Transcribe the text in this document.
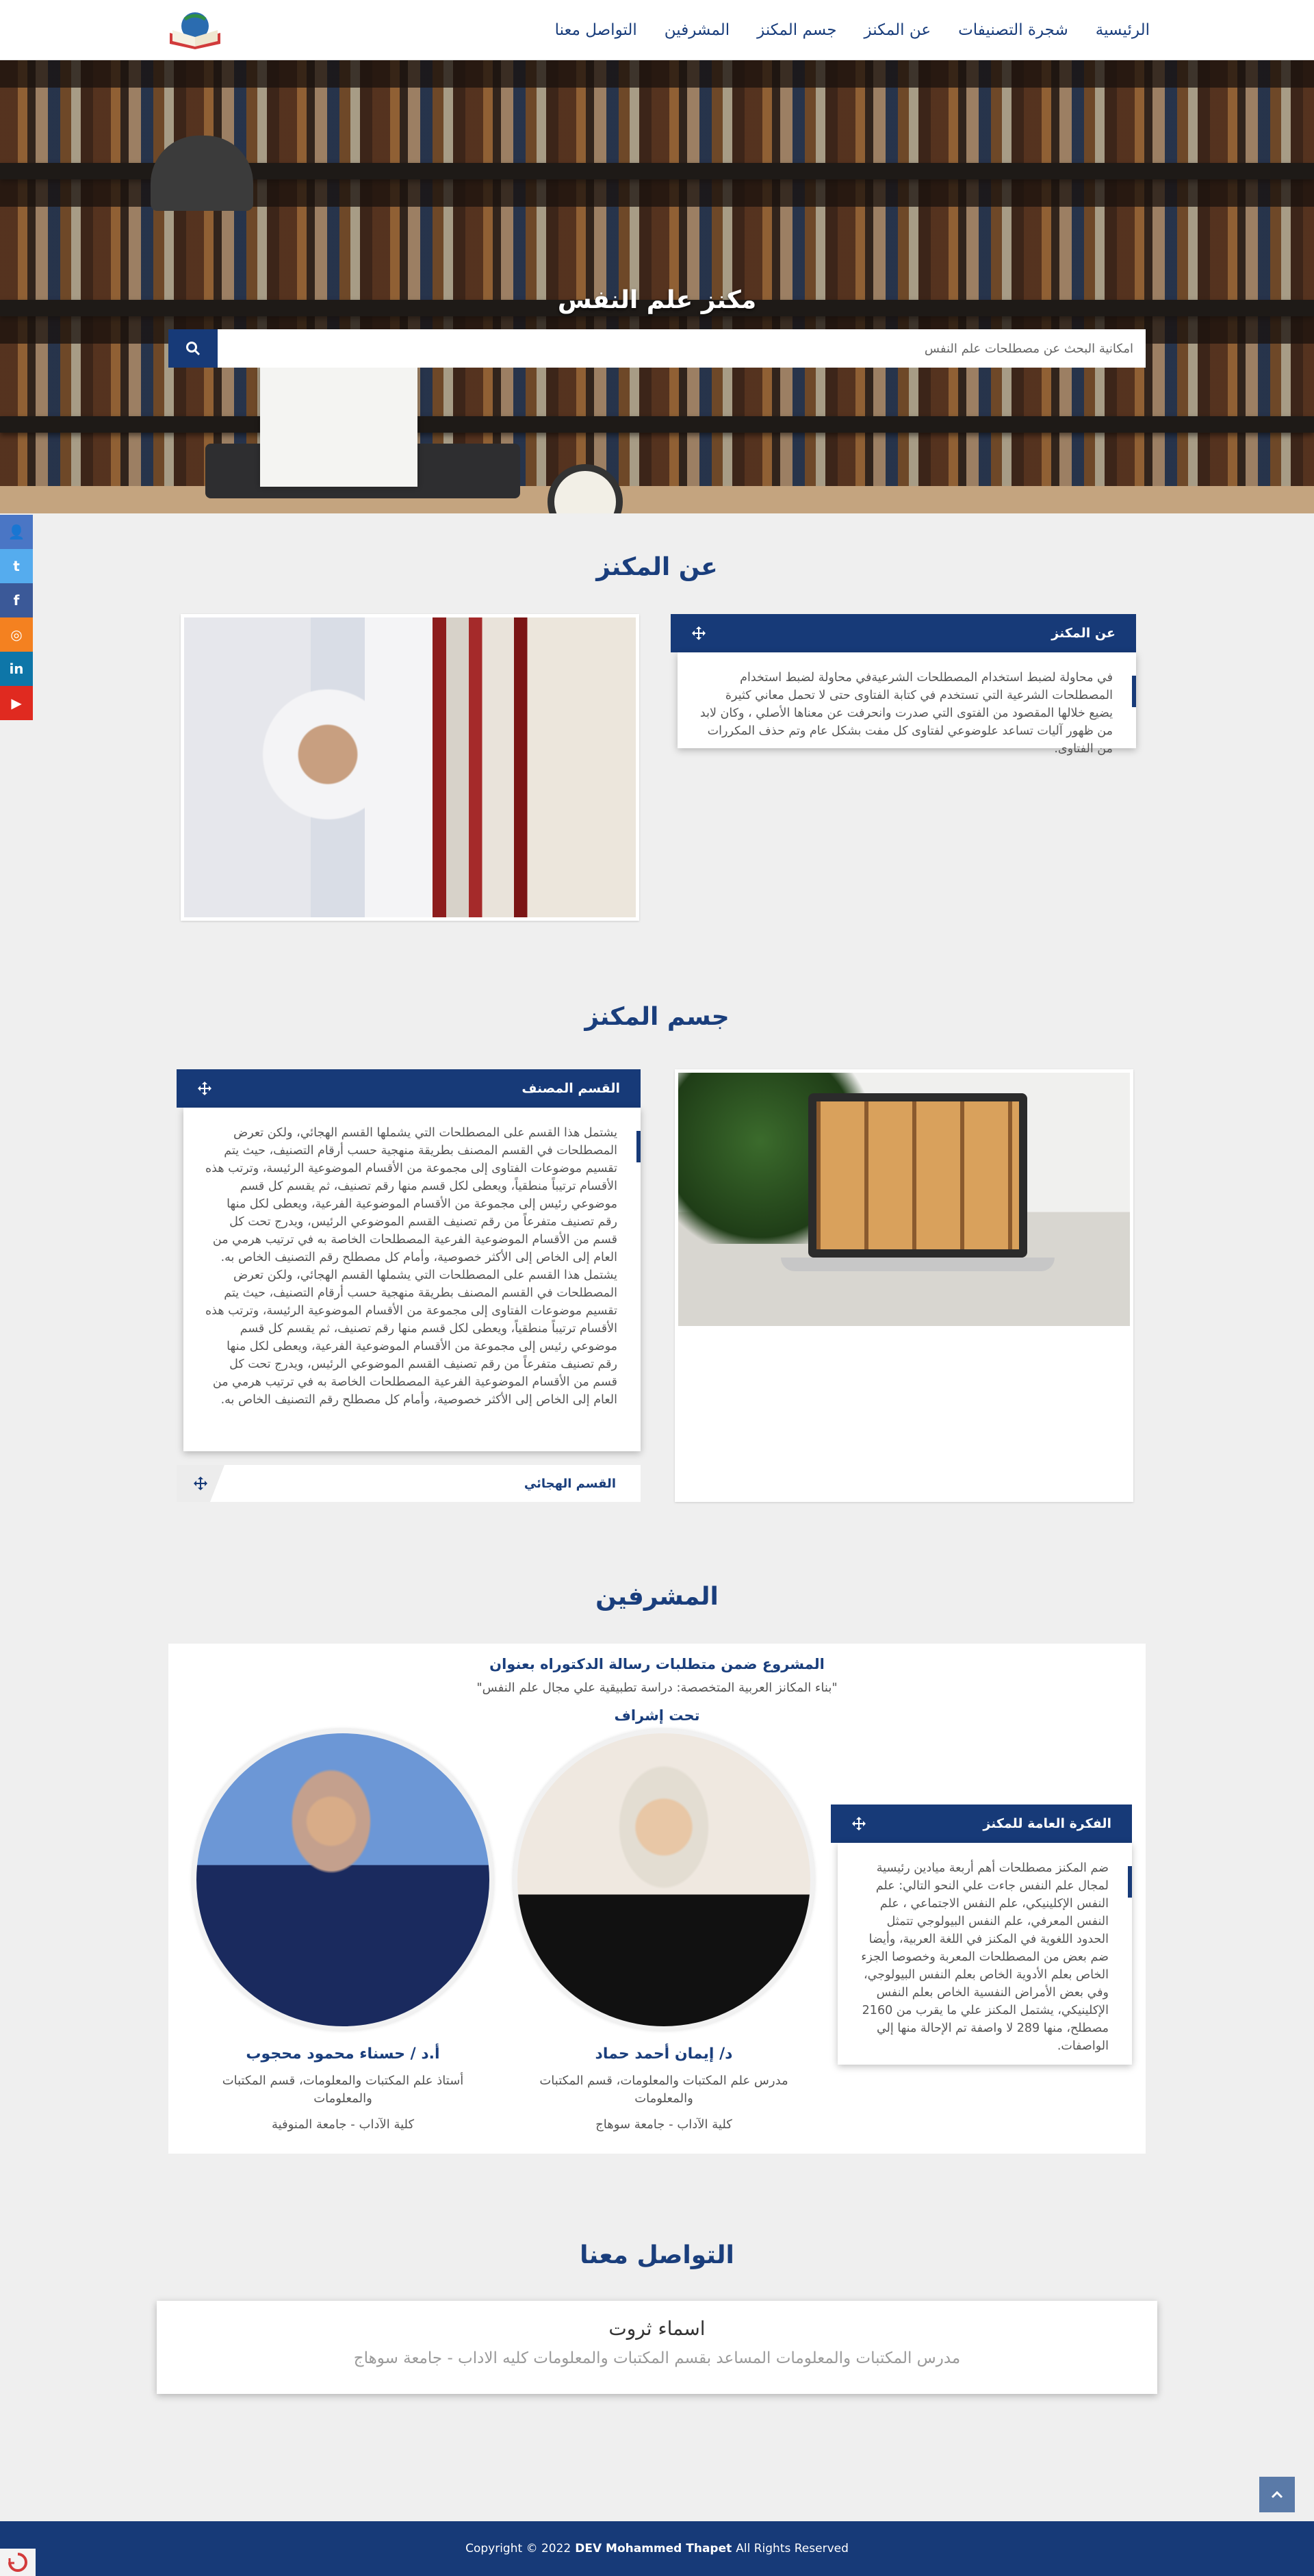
الرئيسية
شجرة التصنيفات
عن المكنز
جسم المكنز
المشرفين
التواصل معنا
مكنز علم النفس
امكانية البحث عن مصطلحات علم النفس
👤
t
f
◎
in
▶
عن المكنز
عن المكنز
في محاولة لضبط استخدام المصطلحات الشرعيةفي محاولة لضبط استخدام المصطلحات الشرعية التي تستخدم في كتابة الفتاوى حتى لا تحمل معاني كثيرة يضيع خلالها المقصود من الفتوى التي صدرت وانحرفت عن معناها الأصلي ، وكان لابد من ظهور آليات تساعد علوضوعي لفتاوى كل مفت بشكل عام وتم حذف المكررات من الفتاوى.
جسم المكنز
القسم المصنف
يشتمل هذا القسم على المصطلحات التي يشملها القسم الهجائي، ولكن تعرض المصطلحات في القسم المصنف بطريقة منهجية حسب أرقام التصنيف، حيث يتم تقسيم موضوعات الفتاوى إلى مجموعة من الأقسام الموضوعية الرئيسة، وترتب هذه الأقسام ترتيباً منطقياً، ويعطى لكل قسم منها رقم تصنيف، ثم يقسم كل قسم موضوعي رئيس إلى مجموعة من الأقسام الموضوعية الفرعية، ويعطى لكل منها رقم تصنيف متفرعاً من رقم تصنيف القسم الموضوعي الرئيس، ويدرج تحت كل قسم من الأقسام الموضوعية الفرعية المصطلحات الخاصة به في ترتيب هرمي من العام إلى الخاص إلى الأكثر خصوصية، وأمام كل مصطلح رقم التصنيف الخاص به. يشتمل هذا القسم على المصطلحات التي يشملها القسم الهجائي، ولكن تعرض المصطلحات في القسم المصنف بطريقة منهجية حسب أرقام التصنيف، حيث يتم تقسيم موضوعات الفتاوى إلى مجموعة من الأقسام الموضوعية الرئيسة، وترتب هذه الأقسام ترتيباً منطقياً، ويعطى لكل قسم منها رقم تصنيف، ثم يقسم كل قسم موضوعي رئيس إلى مجموعة من الأقسام الموضوعية الفرعية، ويعطى لكل منها رقم تصنيف متفرعاً من رقم تصنيف القسم الموضوعي الرئيس، ويدرج تحت كل قسم من الأقسام الموضوعية الفرعية المصطلحات الخاصة به في ترتيب هرمي من العام إلى الخاص إلى الأكثر خصوصية، وأمام كل مصطلح رقم التصنيف الخاص به.
القسم الهجائي
المشرفين
المشروع ضمن متطلبات رسالة الدكتوراه بعنوان
"بناء المكانز العربية المتخصصة: دراسة تطبيقية علي مجال علم النفس"
تحت إشراف
الفكرة العامة للمكنز
ضم المكنز مصطلحات أهم أربعة ميادين رئيسية لمجال علم النفس جاءت علي النحو التالي: علم النفس الإكلينيكي، علم النفس الاجتماعي ، علم النفس المعرفي، علم النفس البيولوجي تتمثل الحدود اللغوية في المكنز في اللغة العربية، وأيضا ضم بعض من المصطلحات المعربة وخصوصا الجزء الخاص بعلم الأدوية الخاص بعلم النفس البيولوجي، وفي بعض الأمراض النفسية الخاص بعلم النفس الإكلينيكي، يشتمل المكنز علي ما يقرب من 2160 مصطلح، منها 289 لا واصفة تم الإحالة منها إلي الواصفات.
د/ إيمان أحمد حماد
مدرس علم المكتبات والمعلومات، قسم المكتبات والمعلومات
كلية الآداب - جامعة سوهاج
أ.د / حسناء محمود محجوب
أستاذ علم المكتبات والمعلومات، قسم المكتبات والمعلومات
كلية الآداب - جامعة المنوفية
التواصل معنا
اسماء ثروت
مدرس المكتبات والمعلومات المساعد بقسم المكتبات والمعلومات كليه الاداب - جامعة سوهاج
Copyright © 2022 DEV Mohammed Thapet All Rights Reserved
